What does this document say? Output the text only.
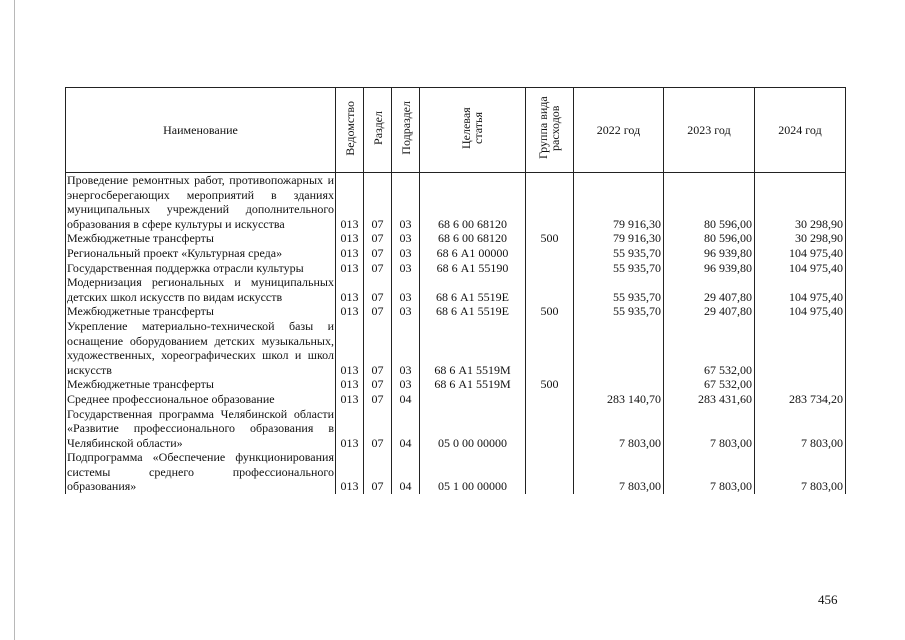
Наименование	Ведомство	Раздел	Подраздел	Целевая статья	Группа вида расходов	2022 год	2023 год	2024 год
Проведение ремонтных работ, противопожарных и энергосберегающих мероприятий в зданиях муниципальных учреждений дополнительного образования в сфере культуры и искусства	013	07	03	68 6 00 68120		79 916,30	80 596,00	30 298,90
Межбюджетные трансферты	013	07	03	68 6 00 68120	500	79 916,30	80 596,00	30 298,90
Региональный проект «Культурная среда»	013	07	03	68 6 А1 00000		55 935,70	96 939,80	104 975,40
Государственная поддержка отрасли культуры	013	07	03	68 6 А1 55190		55 935,70	96 939,80	104 975,40
Модернизация региональных и муниципальных детских школ искусств по видам искусств	013	07	03	68 6 А1 5519Е		55 935,70	29 407,80	104 975,40
Межбюджетные трансферты	013	07	03	68 6 А1 5519Е	500	55 935,70	29 407,80	104 975,40
Укрепление материально-технической базы и оснащение оборудованием детских музыкальных, художественных, хореографических школ и школ искусств	013	07	03	68 6 А1 5519М			67 532,00	
Межбюджетные трансферты	013	07	03	68 6 А1 5519М	500		67 532,00	
Среднее профессиональное образование	013	07	04			283 140,70	283 431,60	283 734,20
Государственная программа Челябинской области «Развитие профессионального образования в Челябинской области»	013	07	04	05 0 00 00000		7 803,00	7 803,00	7 803,00
Подпрограмма «Обеспечение функционирования системы среднего профессионального образования»	013	07	04	05 1 00 00000		7 803,00	7 803,00	7 803,00
456
